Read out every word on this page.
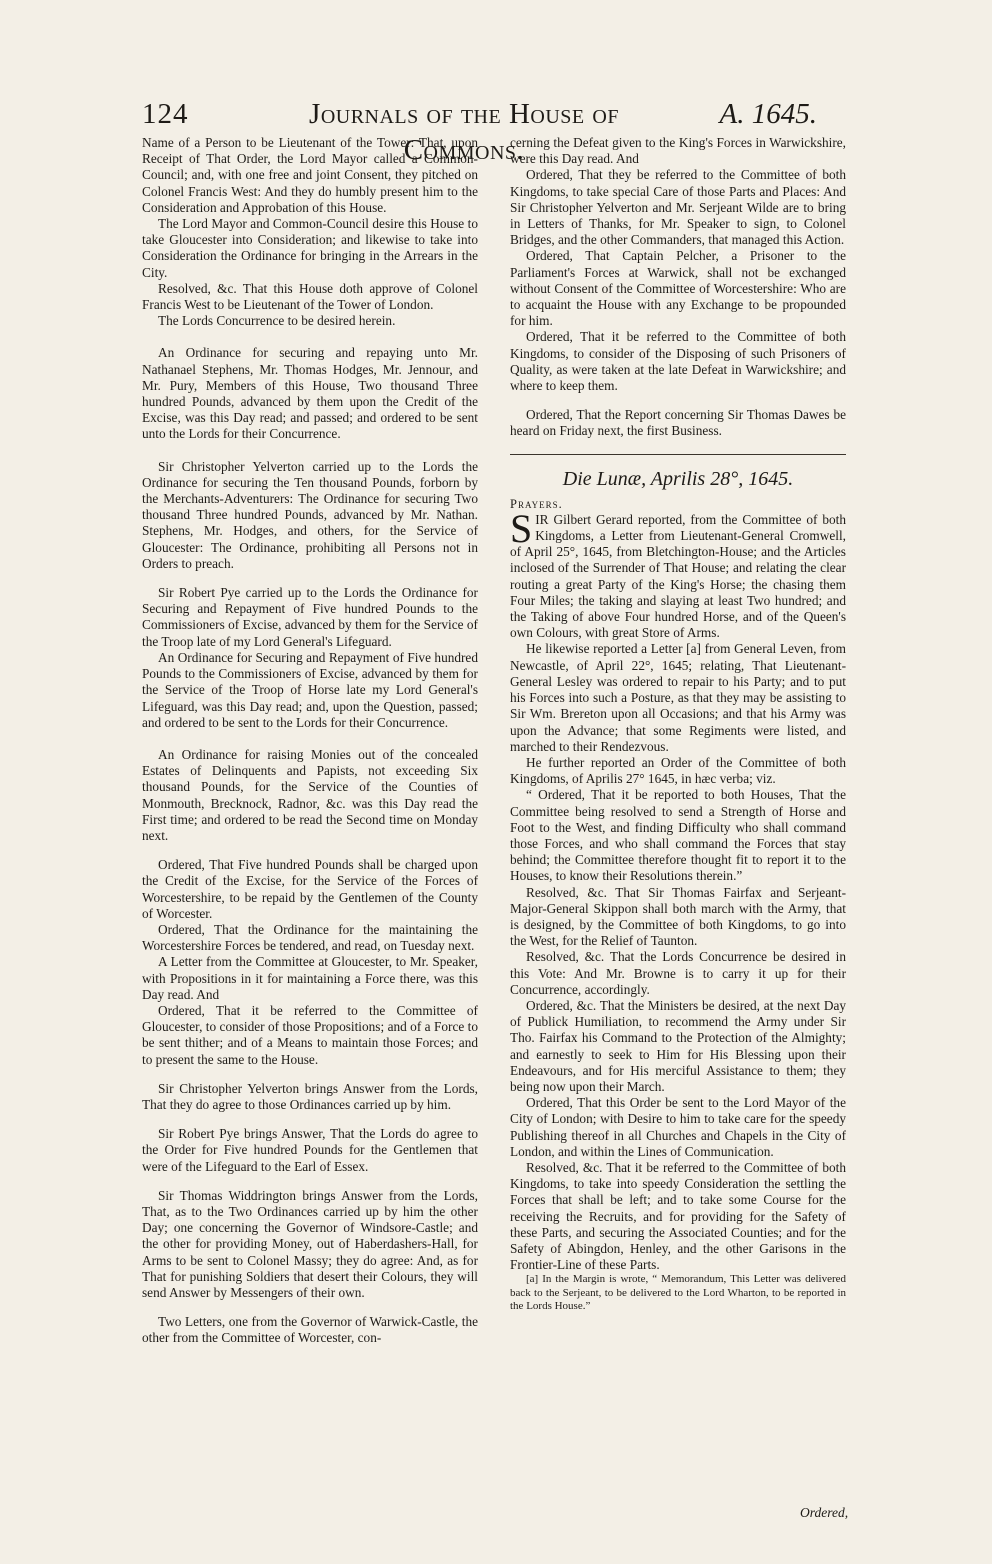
124	Journals of the House of Commons.
A. 1645.

Name of a Person to be Lieutenant of the Tower: That, upon Receipt of That Order, the Lord Mayor called a Common-Council; and, with one free and joint Consent, they pitched on Colonel Francis West: And they do humbly present him to the Consideration and Approbation of this House.

The Lord Mayor and Common-Council desire this House to take Gloucester into Consideration; and likewise to take into Consideration the Ordinance for bringing in the Arrears in the City.

Resolved, &c. That this House doth approve of Colonel Francis West to be Lieutenant of the Tower of London.

The Lords Concurrence to be desired herein.

An Ordinance for securing and repaying unto Mr. Nathanael Stephens, Mr. Thomas Hodges, Mr. Jennour, and Mr. Pury, Members of this House, Two thousand Three hundred Pounds, advanced by them upon the Credit of the Excise, was this Day read; and passed; and ordered to be sent unto the Lords for their Concurrence.

Sir Christopher Yelverton carried up to the Lords the Ordinance for securing the Ten thousand Pounds, forborn by the Merchants-Adventurers: The Ordinance for securing Two thousand Three hundred Pounds, advanced by Mr. Nathan. Stephens, Mr. Hodges, and others, for the Service of Gloucester: The Ordinance, prohibiting all Persons not in Orders to preach.

Sir Robert Pye carried up to the Lords the Ordinance for Securing and Repayment of Five hundred Pounds to the Commissioners of Excise, advanced by them for the Service of the Troop late of my Lord General's Lifeguard.

An Ordinance for Securing and Repayment of Five hundred Pounds to the Commissioners of Excise, advanced by them for the Service of the Troop of Horse late my Lord General's Lifeguard, was this Day read; and, upon the Question, passed; and ordered to be sent to the Lords for their Concurrence.

An Ordinance for raising Monies out of the concealed Estates of Delinquents and Papists, not exceeding Six thousand Pounds, for the Service of the Counties of Monmouth, Brecknock, Radnor, &c. was this Day read the First time; and ordered to be read the Second time on Monday next.

Ordered, That Five hundred Pounds shall be charged upon the Credit of the Excise, for the Service of the Forces of Worcestershire, to be repaid by the Gentlemen of the County of Worcester.

Ordered, That the Ordinance for the maintaining the Worcestershire Forces be tendered, and read, on Tuesday next.

A Letter from the Committee at Gloucester, to Mr. Speaker, with Propositions in it for maintaining a Force there, was this Day read. And

Ordered, That it be referred to the Committee of Gloucester, to consider of those Propositions; and of a Force to be sent thither; and of a Means to maintain those Forces; and to present the same to the House.

Sir Christopher Yelverton brings Answer from the Lords, That they do agree to those Ordinances carried up by him.

Sir Robert Pye brings Answer, That the Lords do agree to the Order for Five hundred Pounds for the Gentlemen that were of the Lifeguard to the Earl of Essex.

Sir Thomas Widdrington brings Answer from the Lords, That, as to the Two Ordinances carried up by him the other Day; one concerning the Governor of Windsore-Castle; and the other for providing Money, out of Haberdashers-Hall, for Arms to be sent to Colonel Massy; they do agree: And, as for That for punishing Soldiers that desert their Colours, they will send Answer by Messengers of their own.

Two Letters, one from the Governor of Warwick-Castle, the other from the Committee of Worcester, con-

cerning the Defeat given to the King's Forces in Warwickshire, were this Day read. And

Ordered, That they be referred to the Committee of both Kingdoms, to take special Care of those Parts and Places: And Sir Christopher Yelverton and Mr. Serjeant Wilde are to bring in Letters of Thanks, for Mr. Speaker to sign, to Colonel Bridges, and the other Commanders, that managed this Action.

Ordered, That Captain Pelcher, a Prisoner to the Parliament's Forces at Warwick, shall not be exchanged without Consent of the Committee of Worcestershire: Who are to acquaint the House with any Exchange to be propounded for him.

Ordered, That it be referred to the Committee of both Kingdoms, to consider of the Disposing of such Prisoners of Quality, as were taken at the late Defeat in Warwickshire; and where to keep them.

Ordered, That the Report concerning Sir Thomas Dawes be heard on Friday next, the first Business.

Die Lunæ, Aprilis 28°, 1645.

Prayers.

SIR Gilbert Gerard reported, from the Committee of both Kingdoms, a Letter from Lieutenant-General Cromwell, of April 25°, 1645, from Bletchington-House; and the Articles inclosed of the Surrender of That House; and relating the clear routing a great Party of the King's Horse; the chasing them Four Miles; the taking and slaying at least Two hundred; and the Taking of above Four hundred Horse, and of the Queen's own Colours, with great Store of Arms.

He likewise reported a Letter [a] from General Leven, from Newcastle, of April 22°, 1645; relating, That Lieutenant-General Lesley was ordered to repair to his Party; and to put his Forces into such a Posture, as that they may be assisting to Sir Wm. Brereton upon all Occasions; and that his Army was upon the Advance; that some Regiments were listed, and marched to their Rendezvous.

He further reported an Order of the Committee of both Kingdoms, of Aprilis 27° 1645, in hæc verba; viz.

“ Ordered, That it be reported to both Houses, That the Committee being resolved to send a Strength of Horse and Foot to the West, and finding Difficulty who shall command those Forces, and who shall command the Forces that stay behind; the Committee therefore thought fit to report it to the Houses, to know their Resolutions therein.”

Resolved, &c. That Sir Thomas Fairfax and Serjeant-Major-General Skippon shall both march with the Army, that is designed, by the Committee of both Kingdoms, to go into the West, for the Relief of Taunton.

Resolved, &c. That the Lords Concurrence be desired in this Vote: And Mr. Browne is to carry it up for their Concurrence, accordingly.

Ordered, &c. That the Ministers be desired, at the next Day of Publick Humiliation, to recommend the Army under Sir Tho. Fairfax his Command to the Protection of the Almighty; and earnestly to seek to Him for His Blessing upon their Endeavours, and for His merciful Assistance to them; they being now upon their March.

Ordered, That this Order be sent to the Lord Mayor of the City of London; with Desire to him to take care for the speedy Publishing thereof in all Churches and Chapels in the City of London, and within the Lines of Communication.

Resolved, &c. That it be referred to the Committee of both Kingdoms, to take into speedy Consideration the settling the Forces that shall be left; and to take some Course for the receiving the Recruits, and for providing for the Safety of these Parts, and securing the Associated Counties; and for the Safety of Abingdon, Henley, and the other Garisons in the Frontier-Line of these Parts.

[a] In the Margin is wrote, “ Memorandum, This Letter was delivered back to the Serjeant, to be delivered to the Lord Wharton, to be reported in the Lords House.”

Ordered,
